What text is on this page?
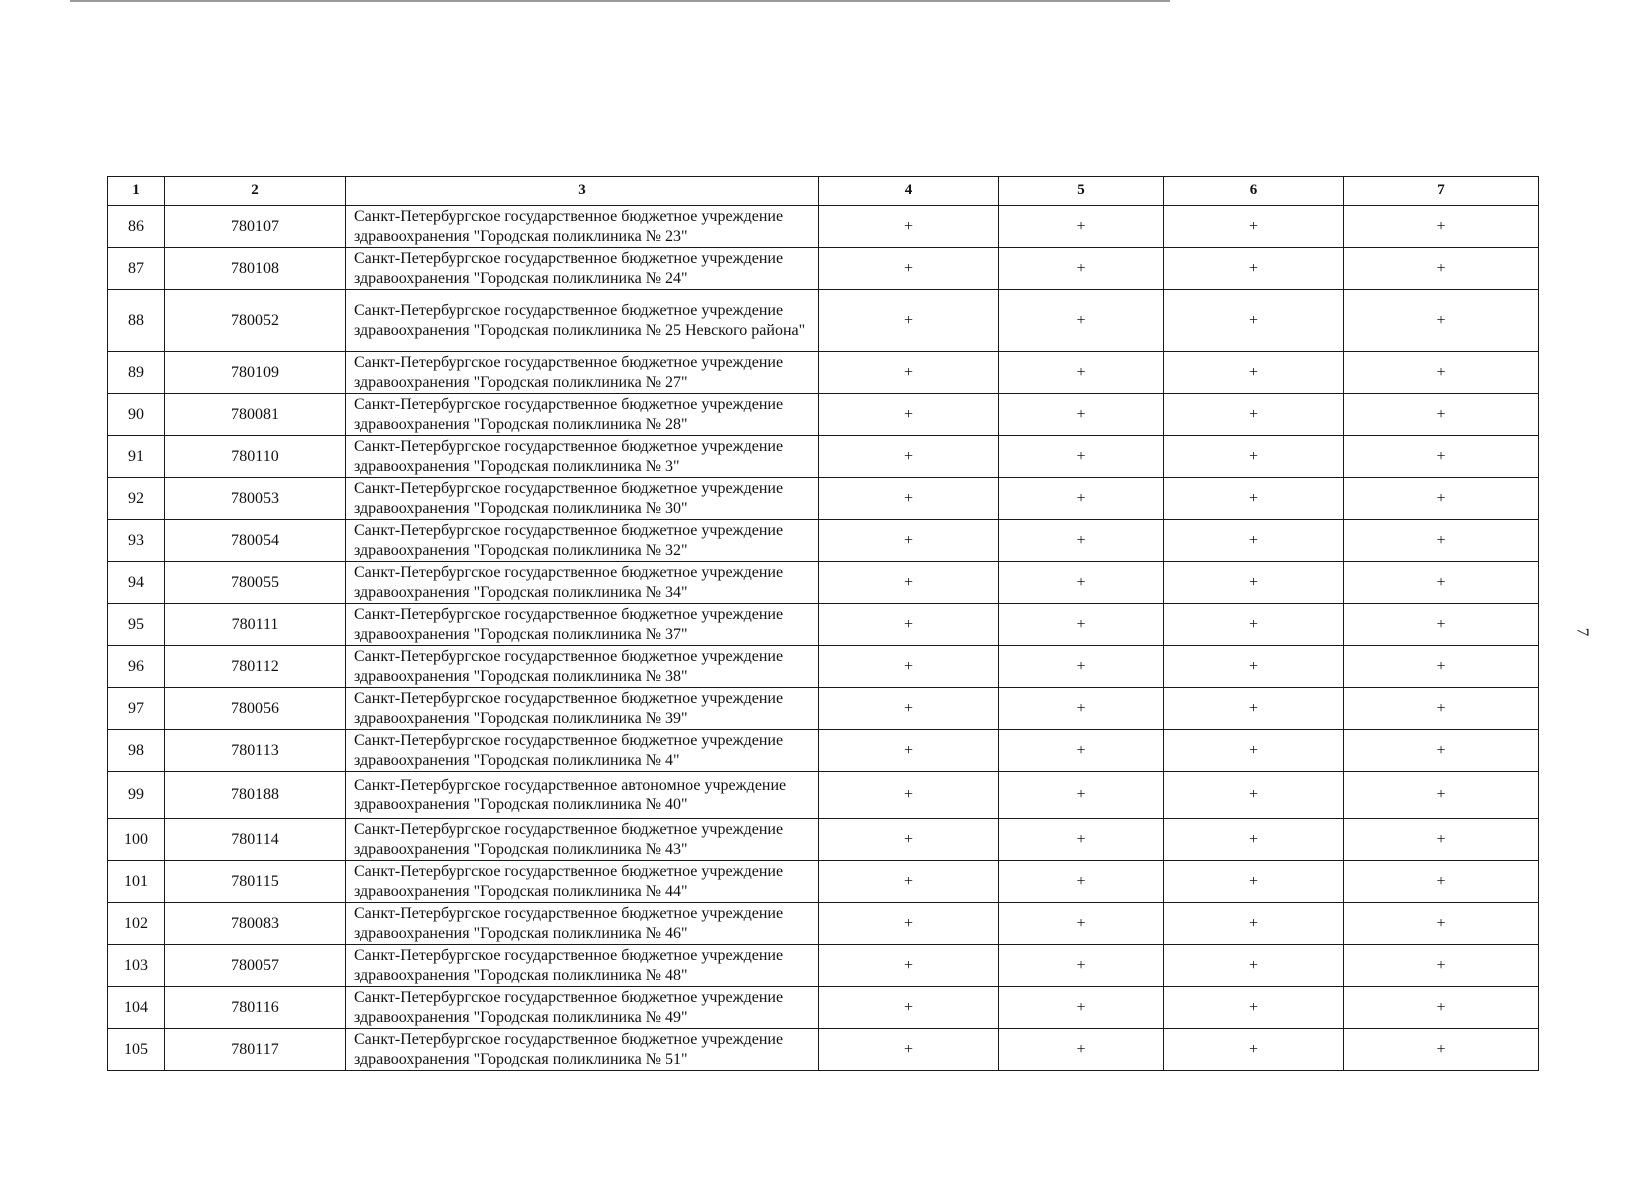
7
1	2	3	4	5	6	7
86	780107	Санкт-Петербургское государственное бюджетное учреждение здравоохранения "Городская поликлиника № 23"	+	+	+	+
87	780108	Санкт-Петербургское государственное бюджетное учреждение здравоохранения "Городская поликлиника № 24"	+	+	+	+
88	780052	Санкт-Петербургское государственное бюджетное учреждение здравоохранения "Городская поликлиника № 25 Невского района"	+	+	+	+
89	780109	Санкт-Петербургское государственное бюджетное учреждение здравоохранения "Городская поликлиника № 27"	+	+	+	+
90	780081	Санкт-Петербургское государственное бюджетное учреждение здравоохранения "Городская поликлиника № 28"	+	+	+	+
91	780110	Санкт-Петербургское государственное бюджетное учреждение здравоохранения "Городская поликлиника № 3"	+	+	+	+
92	780053	Санкт-Петербургское государственное бюджетное учреждение здравоохранения "Городская поликлиника № 30"	+	+	+	+
93	780054	Санкт-Петербургское государственное бюджетное учреждение здравоохранения "Городская поликлиника № 32"	+	+	+	+
94	780055	Санкт-Петербургское государственное бюджетное учреждение здравоохранения "Городская поликлиника № 34"	+	+	+	+
95	780111	Санкт-Петербургское государственное бюджетное учреждение здравоохранения "Городская поликлиника № 37"	+	+	+	+
96	780112	Санкт-Петербургское государственное бюджетное учреждение здравоохранения "Городская поликлиника № 38"	+	+	+	+
97	780056	Санкт-Петербургское государственное бюджетное учреждение здравоохранения "Городская поликлиника № 39"	+	+	+	+
98	780113	Санкт-Петербургское государственное бюджетное учреждение здравоохранения "Городская поликлиника № 4"	+	+	+	+
99	780188	Санкт-Петербургское государственное автономное учреждение здравоохранения "Городская поликлиника № 40"	+	+	+	+
100	780114	Санкт-Петербургское государственное бюджетное учреждение здравоохранения "Городская поликлиника № 43"	+	+	+	+
101	780115	Санкт-Петербургское государственное бюджетное учреждение здравоохранения "Городская поликлиника № 44"	+	+	+	+
102	780083	Санкт-Петербургское государственное бюджетное учреждение здравоохранения "Городская поликлиника № 46"	+	+	+	+
103	780057	Санкт-Петербургское государственное бюджетное учреждение здравоохранения "Городская поликлиника № 48"	+	+	+	+
104	780116	Санкт-Петербургское государственное бюджетное учреждение здравоохранения "Городская поликлиника № 49"	+	+	+	+
105	780117	Санкт-Петербургское государственное бюджетное учреждение здравоохранения "Городская поликлиника № 51"	+	+	+	+
